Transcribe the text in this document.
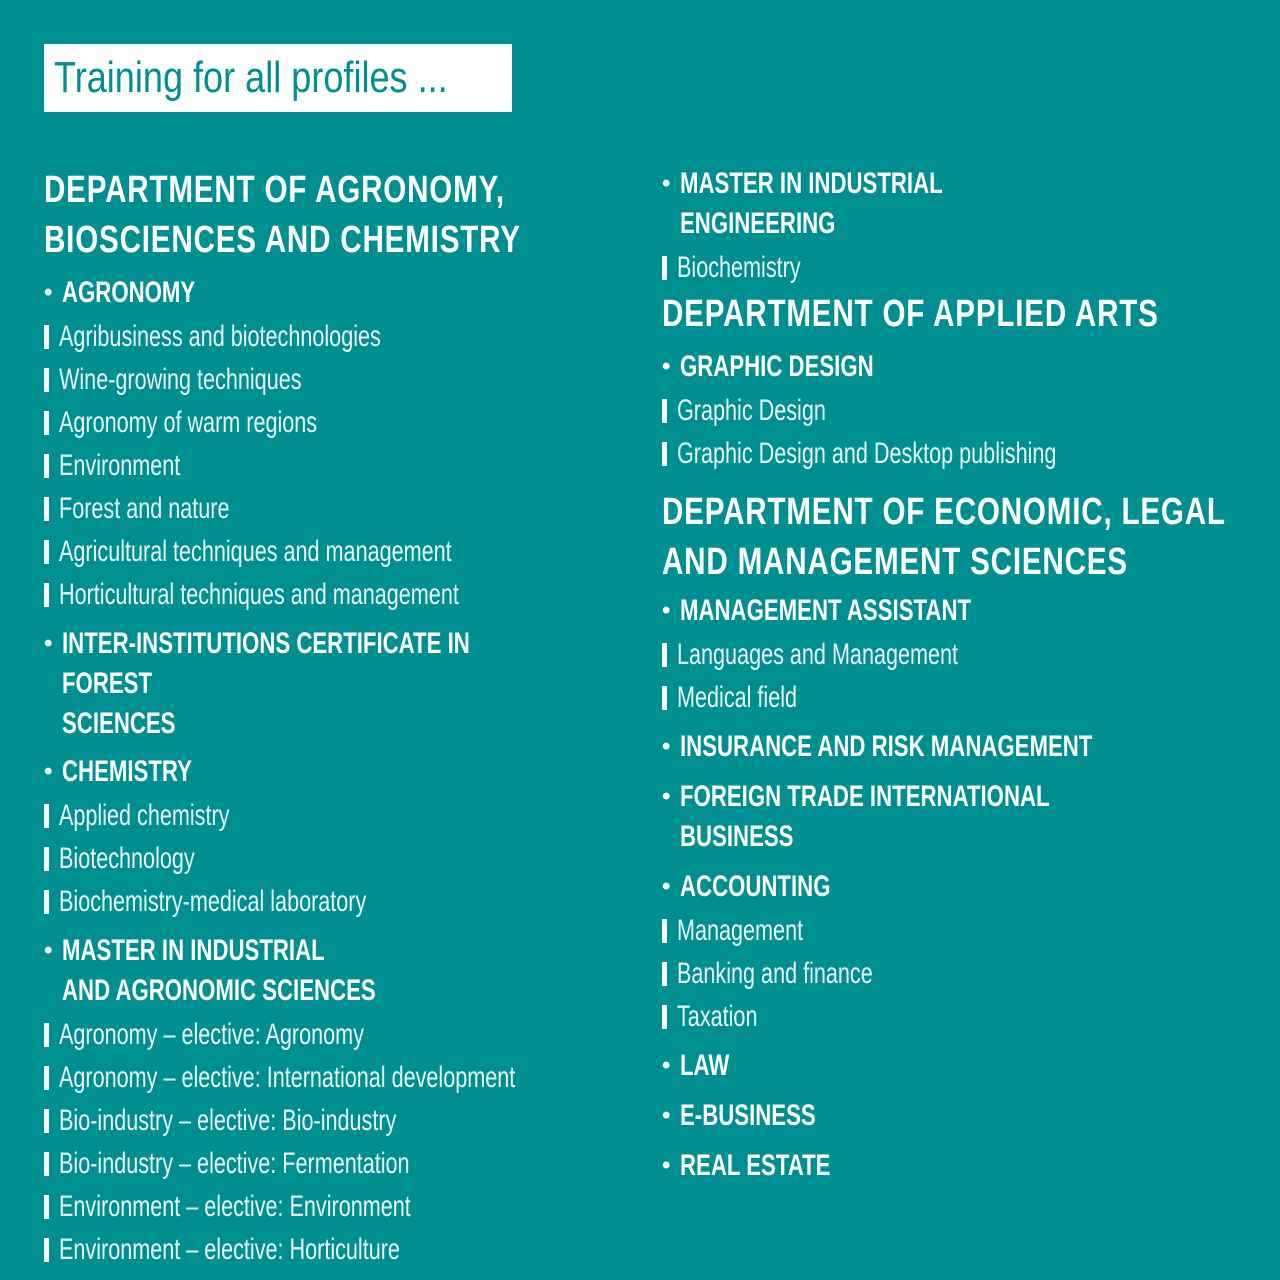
Training for all profiles ...
DEPARTMENT OF AGRONOMY,
BIOSCIENCES AND CHEMISTRY
• AGRONOMY
Agribusiness and biotechnologies
Wine-growing techniques
Agronomy of warm regions
Environment
Forest and nature
Agricultural techniques and management
Horticultural techniques and management
• INTER-INSTITUTIONS CERTIFICATE IN FOREST
SCIENCES
• CHEMISTRY
Applied chemistry
Biotechnology
Biochemistry-medical laboratory
• MASTER IN INDUSTRIAL
AND AGRONOMIC SCIENCES
Agronomy – elective: Agronomy
Agronomy – elective: International development
Bio-industry – elective: Bio-industry
Bio-industry – elective: Fermentation
Environment – elective: Environment
Environment – elective: Horticulture
• MASTER IN INDUSTRIAL ENGINEERING
Biochemistry
DEPARTMENT OF APPLIED ARTS
• GRAPHIC DESIGN
Graphic Design
Graphic Design and Desktop publishing
DEPARTMENT OF ECONOMIC, LEGAL
AND MANAGEMENT SCIENCES
• MANAGEMENT ASSISTANT
Languages and Management
Medical field
• INSURANCE AND RISK MANAGEMENT
• FOREIGN TRADE INTERNATIONAL BUSINESS
• ACCOUNTING
Management
Banking and finance
Taxation
• LAW
• E-BUSINESS
• REAL ESTATE
